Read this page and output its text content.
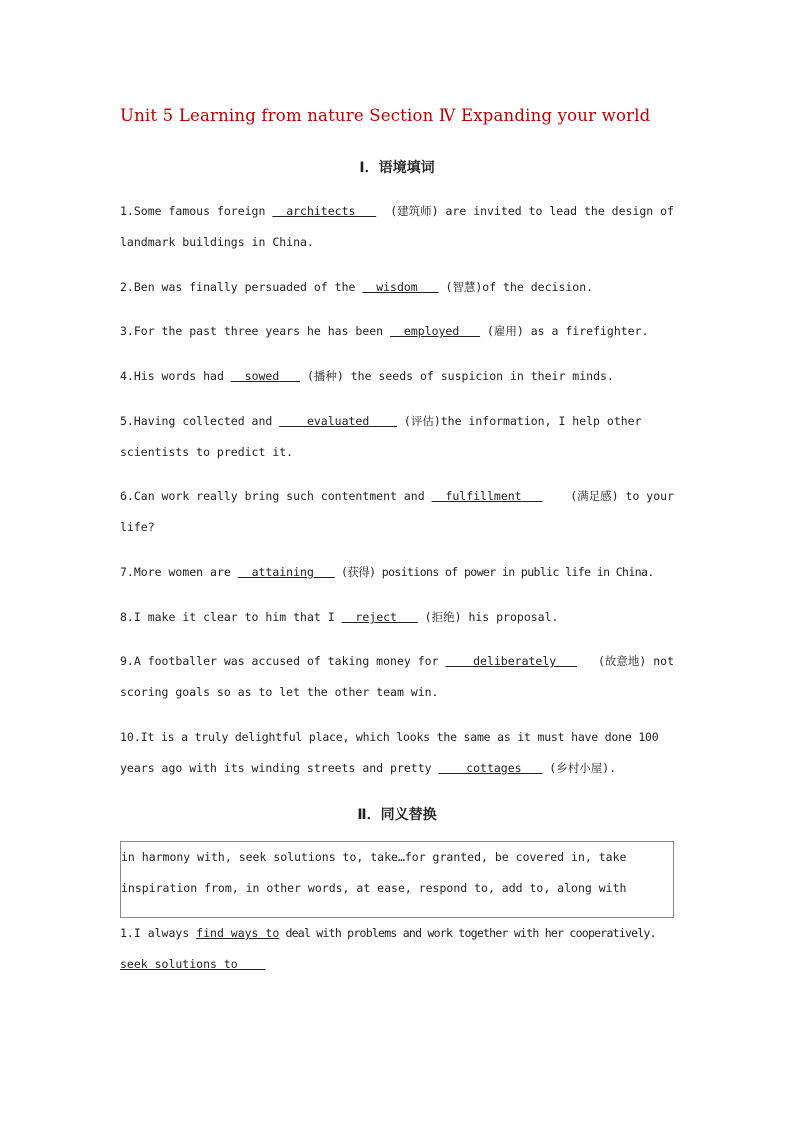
Unit 5 Learning from nature Section Ⅳ Expanding your world
Ⅰ．语境填词
1.Some famous foreign   architects (建筑师) are invited to lead the design of
landmark buildings in China.
2. Ben was finally persuaded of the wisdom (智慧)of the decision.
3. For the past three years he has been employed (雇用) as a firefighter.
4. His words had sowed (播种) the seeds of suspicion in their minds.
5. Having collected and evaluated (评估)the information, I help other
scientists to predict it.
6.Can work really bring such contentment and   fulfillment (满足感) to your
life?
7. More women are attaining (获得) positions of power in public life in China.
8. I make it clear to him that I reject (拒绝) his proposal.
9.A footballer was accused of taking money for     deliberately (故意地) not
scoring goals so as to let the other team win.
10. It is a truly delightful place, which looks the same as it must have done 100
years ago with its winding streets and pretty cottages (乡村小屋).
Ⅱ．同义替换
in harmony with, seek solutions to, take…for granted, be covered in, take
inspiration from, in other words, at ease, respond to, add to, along with
1. I always find ways to deal with problems and work together with her cooperatively.
seek solutions to
